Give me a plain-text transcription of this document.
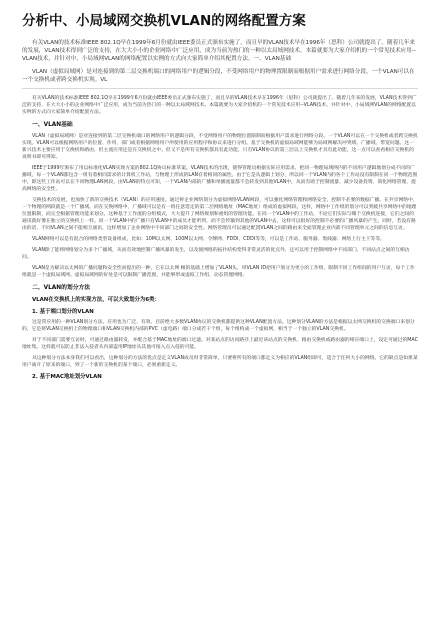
分析中、小局域网交换机VLAN的网络配置方案

有关VLAN的技术标准IEEE 802.1Q早在1999年6月份就由IEEE委员正式颁布实施了，而且早的VLAN技术早在1996年（思科）公司就提出了。随着几年来的发展，VLAN技术得到广泛的支持，在大大小小的企业网络中广泛应用，成为当前为热门的一种以太局域网技术。本篇就要为大家介绍机的一个常见技术应用--VLAN技术，并针对中、小局域网VLAN的网络配置以实例的方式向大家简单介绍其配置方法。一、VLAN基础

VLAN（虚拟局域网）是对连接到的第二层交换机端口的网络用户的逻辑分段，不受网络用户的物理置限制而根据用户需求进行网络分段。一个VLAN可以在一个交换机或者跨交换机实现。VL

有关VLAN的技术标准IEEE 802.1Q早在1999年6月份就由IEEE委员正式颁布实施了，而且早的VLAN技术早在1996年（思科）公司就提出了。随着几年来的发展，VLAN技术得到广泛的支持，在大大小小的企业网络中广泛应用，成为当前为热门的一种以太局域网技术。本篇就要为大家介绍机的一个常见技术应用--VLAN技术，并针对中、小局域网VLAN的网络配置以实例的方式向大家简单介绍配置方法。

一、VLAN基础

VLAN（虚拟局域网）是对连接到的第二层交换机端口的网络用户的逻辑分段，不受网络用户的物理位置限制而根据用户需求进行网络分段。一个VLAN可以在一个交换机或者跨交换机实现。VLAN可以根据网络用户的位置、作用、部门或者根据网络用户所使用的应用程序和协议来进行分组。基于交换机的虚拟局域网能够为局域网解决冲突域、广播域、带宽问题。这一新兴技术主要应用于交换机和路由，但主流应用还是在交换机之中。但又不是所有交换机都具有此功能，只有VLAN协议的第三层以上交换机才具有此功能，这一点可以查看相应交换机的说明书即可得知。

IEEE于1999年颁布了用以标准化VLAN实现方案的802.1Q协议标准草案。VLAN技术的出现，使得管理员根据实际应用需求，把同一物理局域网内的不同用户逻辑地划分成不同的广播域，每一个VLAN都包含一组有着相同需求的计算机工作站，与物理上形成的LAN有着相同的属性。由于它是从逻辑上划分，所以同一个VLAN内的各个工作站没有限制在同一个物理范围中，即这些工作站可以在不同物理LAN网段。由VLAN的特点可知，一个VLAN内部的广播和单播流量都不会转发到其他VLAN中，从而有助于控制流量、减少设备投资、简化网络管理、提高网络的安全性。

交换技术的发展，也加快了新的交换技术（VLAN）的应用速度。通过将企业网络划分为虚拟网络VLAN网段，可以强化网络管理和网络安全，控制不必要的数据广播。在共享网络中，一个物理的网段就是一个广播域。而在交换网络中，广播域可以是有一组任意选定的第二层网络地址（MAC地址）组成的虚拟网段。这样，网络中工作组的划分可以突破共享网络中的地理位置限制，而完全根据管理功能来划分。这种基于工作流的分组模式，大大提升了网络规划和重组的管理功能。在同一个VLAN中的工作站，不论它们实际与哪个交换机连接，它们之间的通讯就好像在独立的交换机上一样。同一个VLAN中的广播只有VLAN中的成员才能听到，而不会传输到其他的VLAN中去，这样可以很好的控制不必要的广播风暴的产生。同时，若没有路由的话，不同VLAN之间不能相互通讯，这样增加了企业网络中不同部门之间的安全性。网络管理员可以通过配置VLAN之间的路由来全面管理企业内部不同管理单元之间的信息互访。

VLAN网络可以是有混合的网络类型设备组成，比如：10M以太网、100M以太网、令牌网、FDDI、CDDI等等，可以是工作站、服务器、集线器、网络上行主干等等。

VLAN除了能将网络划分为多个广播域，从而有效地控制广播风暴的发生，以及使网络的拓扑结构变得非常灵活的优点外，还可以用于控制网络中不同部门、不同站点之间的互相访问。

VLAN是为解决以太网的广播问题和安全性而提出的一种，它在以太网 帧的基础上增加了VLAN头，用VLAN ID把用户划分为更小的工作组，限制不同工作组间的用户互访，每个工作组就是一个虚拟局域网。虚拟局域网的好处是可以限制广播范围，并能够形成虚拟工作组，动态管理网络。

二、VLAN的划分方法
VLAN在交换机上的实现方法，可以大致划分为6类：
1. 基于端口划分的VLAN

这是常应用的一种VLAN划分方法，应用也为广泛、有效，目前绝大多数VLAN协议的交换机都提供这种VLAN配置方法。这种划分VLAN的方法是根据以太网交换机的交换端口来划分的，它是将VLAN交换机上的物理端口和VLAN交换机内部的PVC（虚电路）端口分成若干个组，每个组构成一个虚拟网，相当于一个独立的VLAN交换机。

对于不同部门需要互访时，可通过路由器转发，并配合基于MAC地址的端口过滤。对某站点的访问路径上最近该站点的交换机、路由交换机或路由器的相应端口上，设定可通过的MAC地址集。这样就可以防止非法入侵者从内部盗用IP地址从其他可接入点入侵的可能。

从这种划分方法本身我们可以看出，这种划分的方法的优点是定义VLAN成员时非常简单，只要将所有的端口都定义为相应的VLAN组即可，适合于任何大小的网络。它的缺点是如果某用户离开了原来的端口，到了一个新的交换机的某个端口，必须重新定义。

2. 基于MAC地址划分VLAN
